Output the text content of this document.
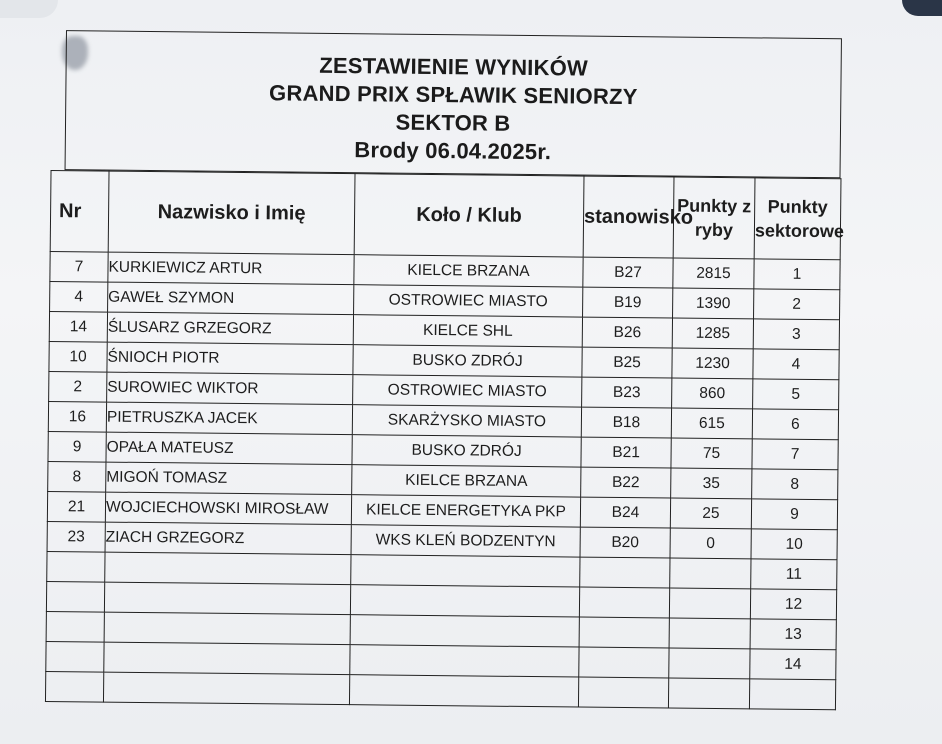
ZESTAWIENIE WYNIKÓW
GRAND PRIX SPŁAWIK SENIORZY
SEKTOR B
Brody 06.04.2025r.
Nr	Nazwisko i Imię	Koło / Klub	stanowisko	Punkty z ryby	Punkty sektorowe
7	KURKIEWICZ ARTUR	KIELCE BRZANA	B27	2815	1
4	GAWEŁ SZYMON	OSTROWIEC MIASTO	B19	1390	2
14	ŚLUSARZ GRZEGORZ	KIELCE SHL	B26	1285	3
10	ŚNIOCH PIOTR	BUSKO ZDRÓJ	B25	1230	4
2	SUROWIEC WIKTOR	OSTROWIEC MIASTO	B23	860	5
16	PIETRUSZKA JACEK	SKARŻYSKO MIASTO	B18	615	6
9	OPAŁA MATEUSZ	BUSKO ZDRÓJ	B21	75	7
8	MIGOŃ TOMASZ	KIELCE BRZANA	B22	35	8
21	WOJCIECHOWSKI MIROSŁAW	KIELCE ENERGETYKA PKP	B24	25	9
23	ZIACH GRZEGORZ	WKS KLEŃ BODZENTYN	B20	0	10
					11
					12
					13
					14
